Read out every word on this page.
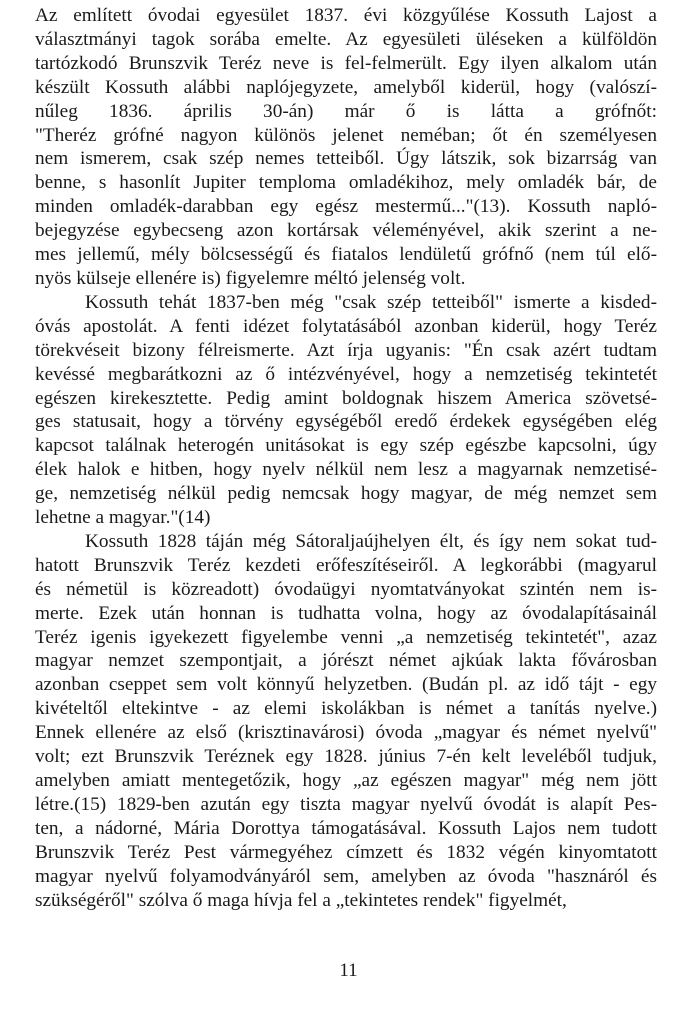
Az említett óvodai egyesület 1837. évi közgyűlése Kossuth Lajost a
választmányi tagok sorába emelte. Az egyesületi üléseken a külföldön
tartózkodó Brunszvik Teréz neve is fel-felmerült. Egy ilyen alkalom után
készült Kossuth alábbi naplójegyzete, amelyből kiderül, hogy (valószí-
nűleg 1836. április 30-án) már ő is látta a grófnőt:
"Theréz grófné nagyon különös jelenet neméban; őt én személyesen
nem ismerem, csak szép nemes tetteiből. Úgy látszik, sok bizarrság van
benne, s hasonlít Jupiter temploma omladékihoz, mely omladék bár, de
minden omladék-darabban egy egész mestermű..."(13). Kossuth napló-
bejegyzése egybecseng azon kortársak véleményével, akik szerint a ne-
mes jellemű, mély bölcsességű és fiatalos lendületű grófnő (nem túl elő-
nyös külseje ellenére is) figyelemre méltó jelenség volt.
Kossuth tehát 1837-ben még "csak szép tetteiből" ismerte a kisded-
óvás apostolát. A fenti idézet folytatásából azonban kiderül, hogy Teréz
törekvéseit bizony félreismerte. Azt írja ugyanis: "Én csak azért tudtam
kevéssé megbarátkozni az ő intézvényével, hogy a nemzetiség tekintetét
egészen kirekesztette. Pedig amint boldognak hiszem America szövetsé-
ges statusait, hogy a törvény egységéből eredő érdekek egységében elég
kapcsot találnak heterogén unitásokat is egy szép egészbe kapcsolni, úgy
élek halok e hitben, hogy nyelv nélkül nem lesz a magyarnak nemzetisé-
ge, nemzetiség nélkül pedig nemcsak hogy magyar, de még nemzet sem
lehetne a magyar."(14)
Kossuth 1828 táján még Sátoraljaújhelyen élt, és így nem sokat tud-
hatott Brunszvik Teréz kezdeti erőfeszítéseiről. A legkorábbi (magyarul
és németül is közreadott) óvodaügyi nyomtatványokat szintén nem is-
merte. Ezek után honnan is tudhatta volna, hogy az óvodalapításainál
Teréz igenis igyekezett figyelembe venni „a nemzetiség tekintetét", azaz
magyar nemzet szempontjait, a jórészt német ajkúak lakta fővárosban
azonban cseppet sem volt könnyű helyzetben. (Budán pl. az idő tájt - egy
kivételtől eltekintve - az elemi iskolákban is német a tanítás nyelve.)
Ennek ellenére az első (krisztinavárosi) óvoda „magyar és német nyelvű"
volt; ezt Brunszvik Teréznek egy 1828. június 7-én kelt leveléből tudjuk,
amelyben amiatt mentegetőzik, hogy „az egészen magyar" még nem jött
létre.(15) 1829-ben azután egy tiszta magyar nyelvű óvodát is alapít Pes-
ten, a nádorné, Mária Dorottya támogatásával. Kossuth Lajos nem tudott
Brunszvik Teréz Pest vármegyéhez címzett és 1832 végén kinyomtatott
magyar nyelvű folyamodványáról sem, amelyben az óvoda "hasznáról és
szükségéről" szólva ő maga hívja fel a „tekintetes rendek" figyelmét,
11
